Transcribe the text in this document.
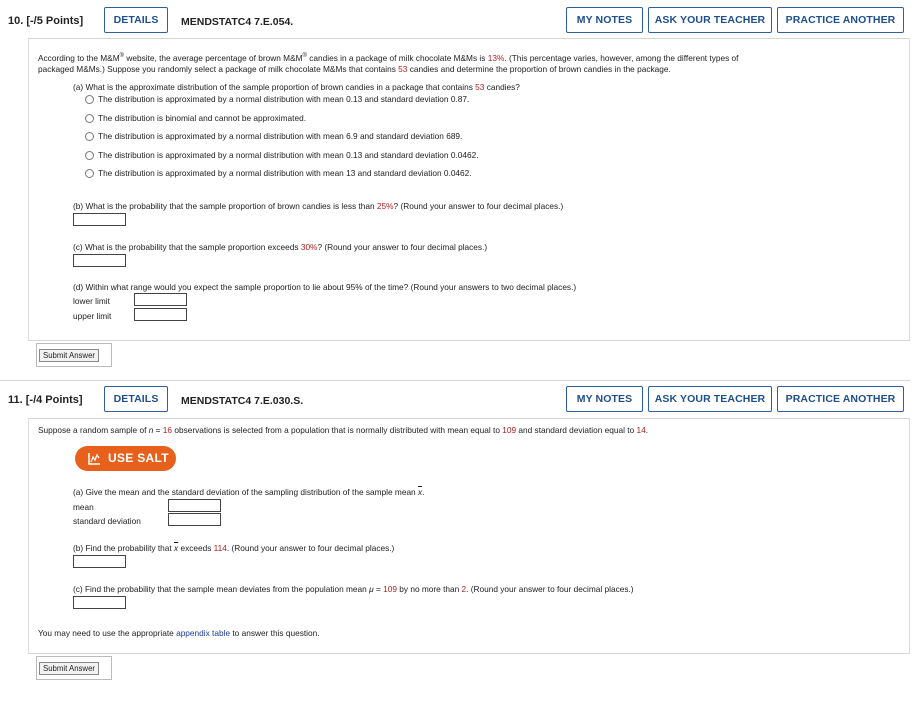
10. [-/5 Points]	DETAILS	MENDSTATC4 7.E.054.	MY NOTES	ASK YOUR TEACHER	PRACTICE ANOTHER
According to the M&M® website, the average percentage of brown M&M® candies in a package of milk chocolate M&Ms is 13%. (This percentage varies, however, among the different types of
packaged M&Ms.) Suppose you randomly select a package of milk chocolate M&Ms that contains 53 candies and determine the proportion of brown candies in the package.
(a) What is the approximate distribution of the sample proportion of brown candies in a package that contains 53 candies?
The distribution is approximated by a normal distribution with mean 0.13 and standard deviation 0.87.
The distribution is binomial and cannot be approximated.
The distribution is approximated by a normal distribution with mean 6.9 and standard deviation 689.
The distribution is approximated by a normal distribution with mean 0.13 and standard deviation 0.0462.
The distribution is approximated by a normal distribution with mean 13 and standard deviation 0.0462.
(b) What is the probability that the sample proportion of brown candies is less than 25%? (Round your answer to four decimal places.)
(c) What is the probability that the sample proportion exceeds 30%? (Round your answer to four decimal places.)
(d) Within what range would you expect the sample proportion to lie about 95% of the time? (Round your answers to two decimal places.)
lower limit
upper limit
Submit Answer
11. [-/4 Points]	DETAILS	MENDSTATC4 7.E.030.S.	MY NOTES	ASK YOUR TEACHER	PRACTICE ANOTHER
Suppose a random sample of n = 16 observations is selected from a population that is normally distributed with mean equal to 109 and standard deviation equal to 14.
USE SALT
(a) Give the mean and the standard deviation of the sampling distribution of the sample mean $\overline{x}$.
mean
standard deviation
(b) Find the probability that $\overline{x}$ exceeds 114. (Round your answer to four decimal places.)
(c) Find the probability that the sample mean deviates from the population mean μ = 109 by no more than 2. (Round your answer to four decimal places.)
You may need to use the appropriate appendix table to answer this question.
Submit Answer
